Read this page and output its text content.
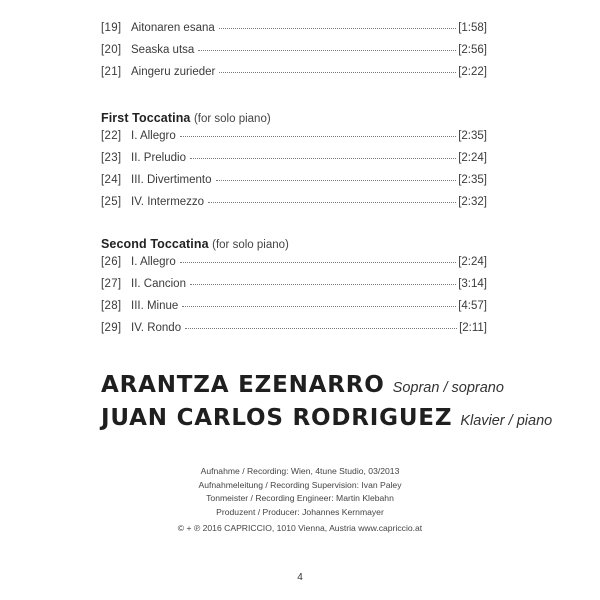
[19] Aitonaren esana	[1:58]
[20] Seaska utsa	[2:56]
[21] Aingeru zurieder	[2:22]
First Toccatina (for solo piano)
[22] I. Allegro	[2:35]
[23] II. Preludio	[2:24]
[24] III. Divertimento	[2:35]
[25] IV. Intermezzo	[2:32]
Second Toccatina (for solo piano)
[26] I. Allegro	[2:24]
[27] II. Cancion	[3:14]
[28] III. Minue	[4:57]
[29] IV. Rondo	[2:11]
ARANTZA EZENARRO Sopran / soprano
JUAN CARLOS RODRIGUEZ Klavier / piano
Aufnahme / Recording: Wien, 4tune Studio, 03/2013
Aufnahmeleitung / Recording Supervision: Ivan Paley
Tonmeister / Recording Engineer: Martin Klebahn
Produzent / Producer: Johannes Kernmayer
© + ℗ 2016 CAPRICCIO, 1010 Vienna, Austria www.capriccio.at
4
